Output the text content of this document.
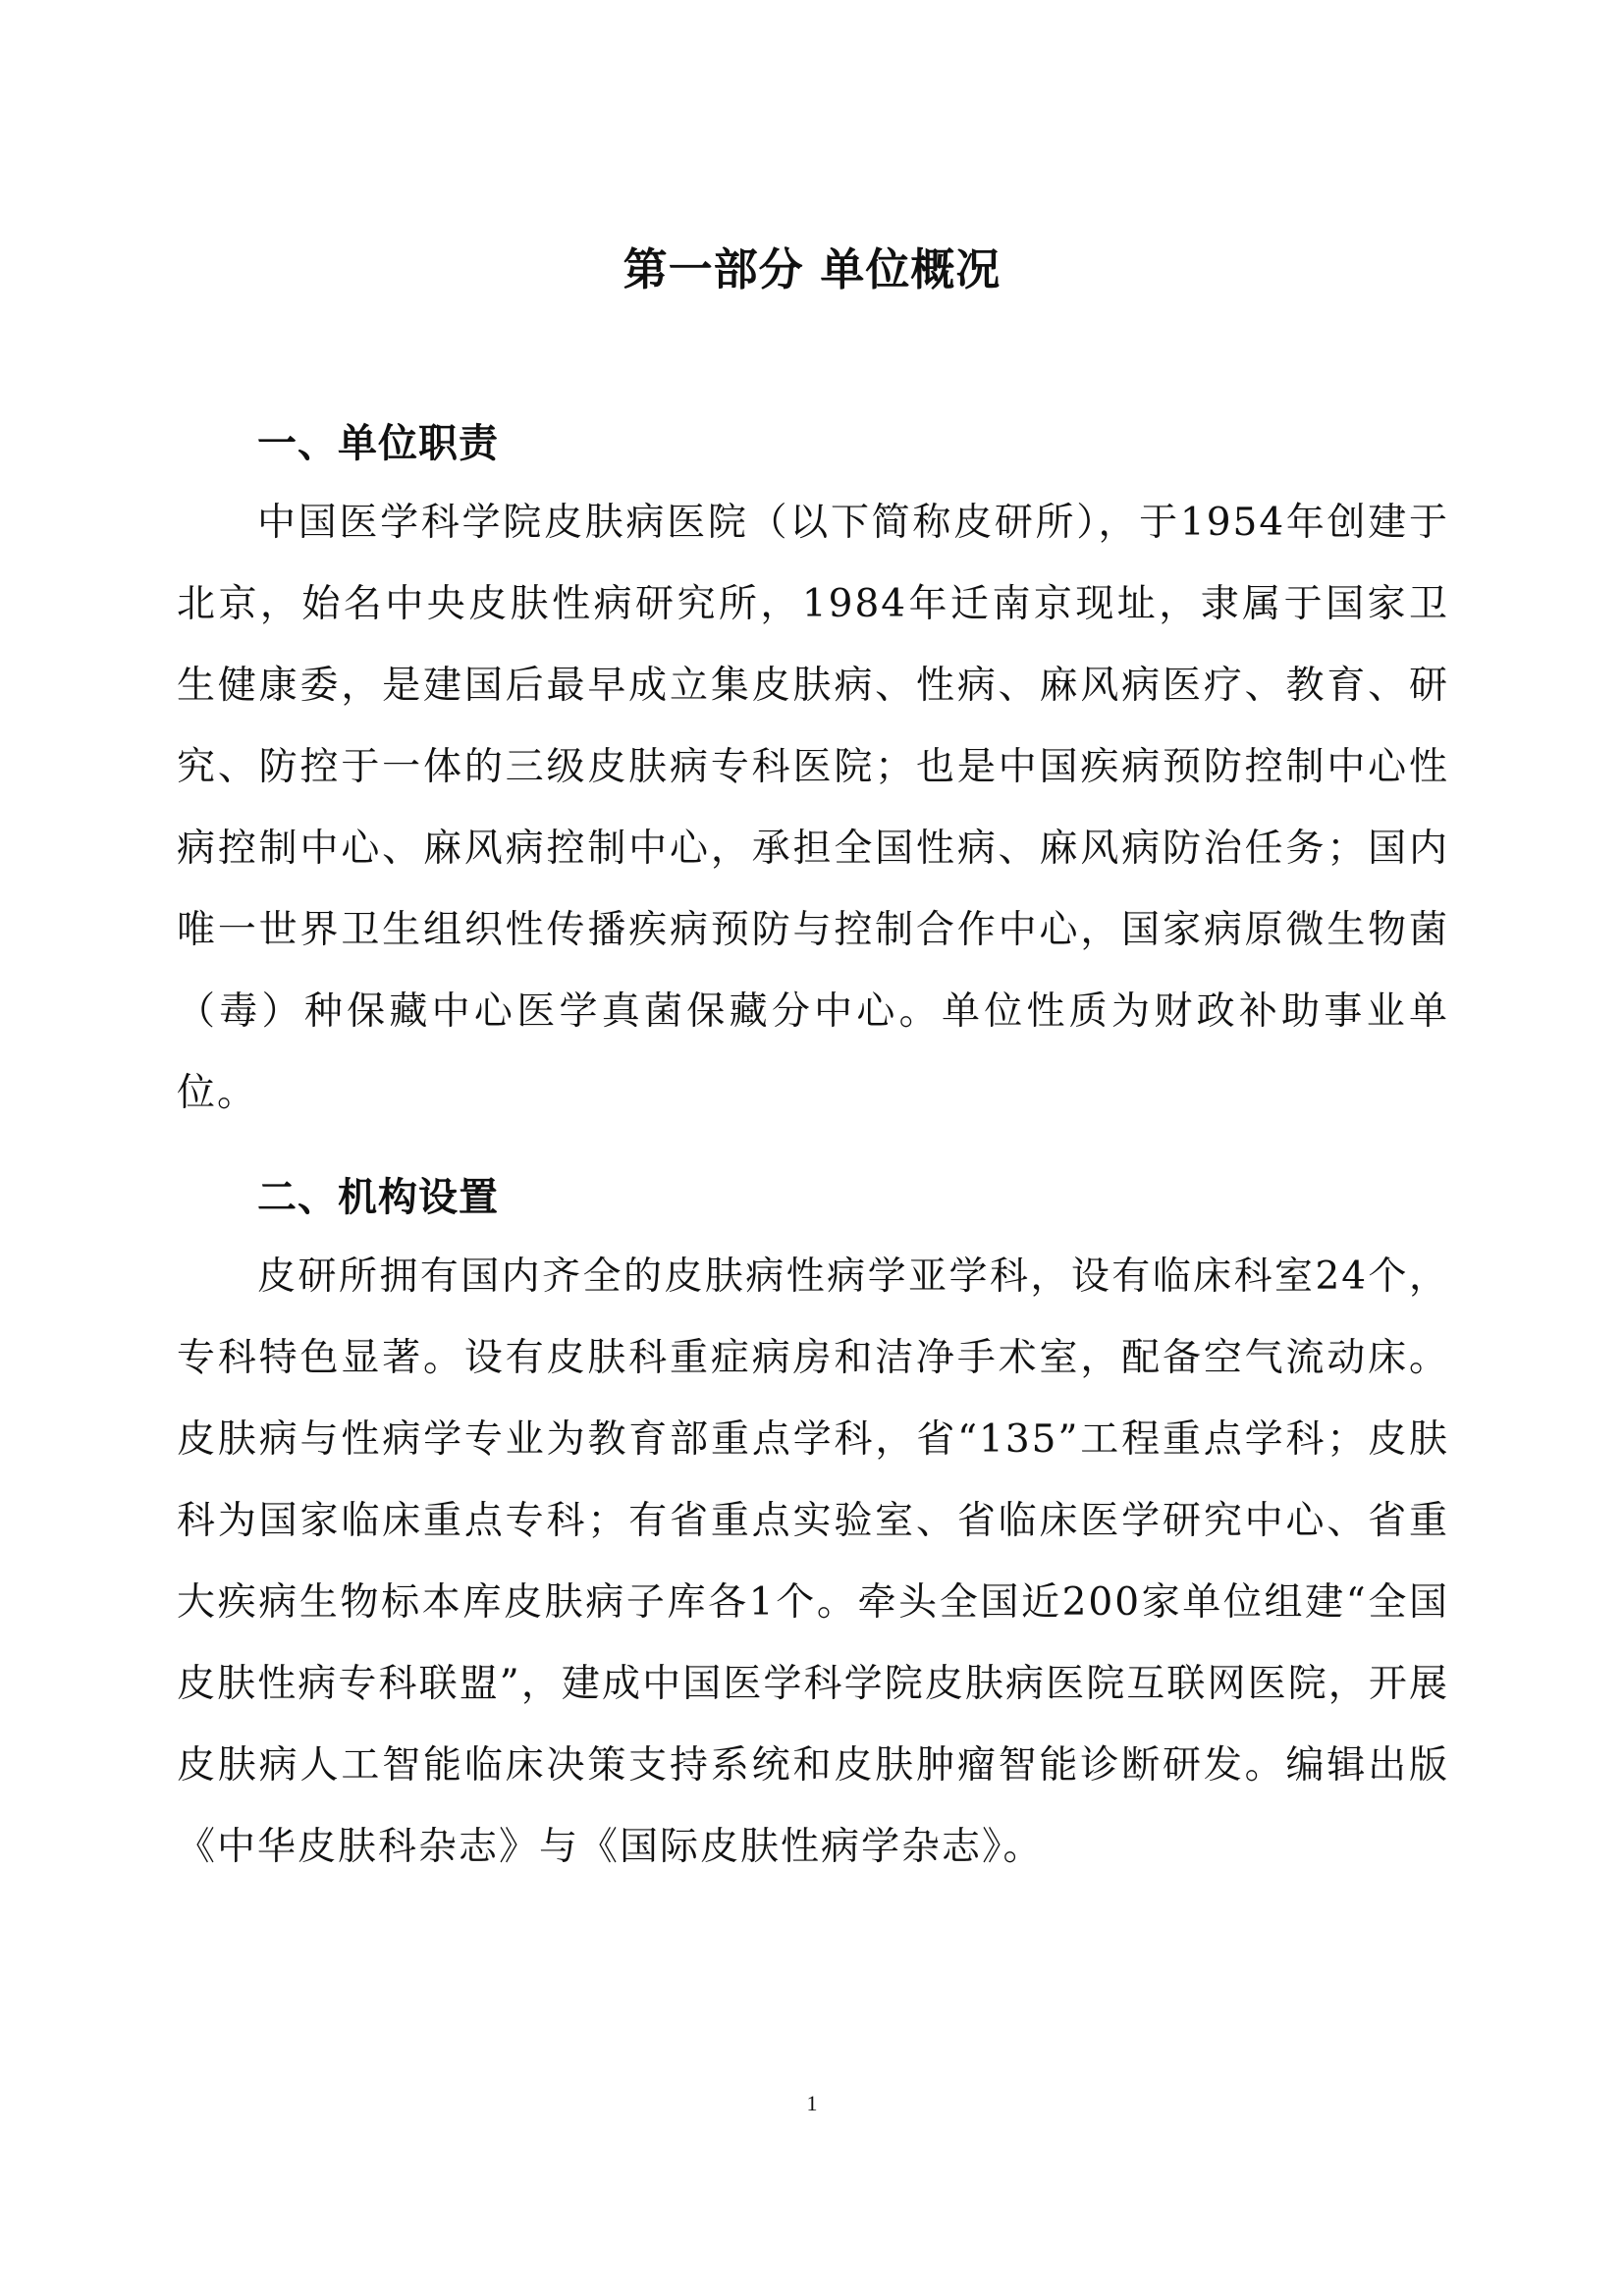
第一部分 单位概况
一、单位职责

中国医学科学院皮肤病医院（以下简称皮研所），于1954年创建于北京，始名中央皮肤性病研究所，1984年迁南京现址，隶属于国家卫生健康委，是建国后最早成立集皮肤病、性病、麻风病医疗、教育、研究、防控于一体的三级皮肤病专科医院；也是中国疾病预防控制中心性病控制中心、麻风病控制中心，承担全国性病、麻风病防治任务；国内唯一世界卫生组织性传播疾病预防与控制合作中心，国家病原微生物菌（毒）种保藏中心医学真菌保藏分中心。单位性质为财政补助事业单位。

二、机构设置

皮研所拥有国内齐全的皮肤病性病学亚学科，设有临床科室24个，专科特色显著。设有皮肤科重症病房和洁净手术室，配备空气流动床。皮肤病与性病学专业为教育部重点学科，省“135”工程重点学科；皮肤科为国家临床重点专科；有省重点实验室、省临床医学研究中心、省重大疾病生物标本库皮肤病子库各1个。牵头全国近200家单位组建“全国皮肤性病专科联盟”，建成中国医学科学院皮肤病医院互联网医院，开展皮肤病人工智能临床决策支持系统和皮肤肿瘤智能诊断研发。编辑出版《中华皮肤科杂志》与《国际皮肤性病学杂志》。

1
